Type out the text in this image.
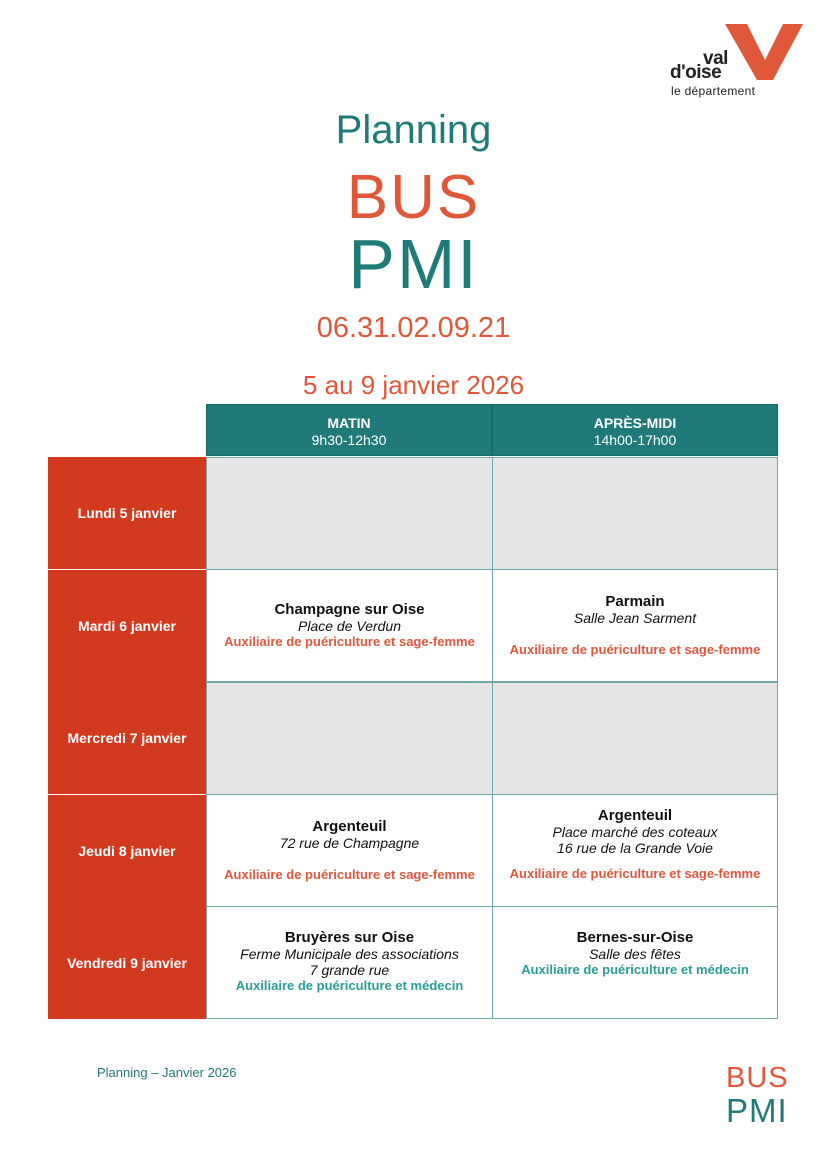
val
d'oise
le département
Planning
BUS
PMI
06.31.02.09.21
5 au 9 janvier 2026
MATIN
9h30-12h30
APRÈS-MIDI
14h00-17h00
Lundi 5 janvier
Mardi 6 janvier
Mercredi 7 janvier
Jeudi 8 janvier
Vendredi 9 janvier
Champagne sur Oise
Place de Verdun
Auxiliaire de puériculture et sage-femme
Parmain
Salle Jean Sarment
Auxiliaire de puériculture et sage-femme
Argenteuil
72 rue de Champagne
Auxiliaire de puériculture et sage-femme
Argenteuil
Place marché des coteaux
16 rue de la Grande Voie
Auxiliaire de puériculture et sage-femme
Bruyères sur Oise
Ferme Municipale des associations
7 grande rue
Auxiliaire de puériculture et médecin
Bernes-sur-Oise
Salle des fêtes
Auxiliaire de puériculture et médecin
Planning – Janvier 2026	BUS
PMI
